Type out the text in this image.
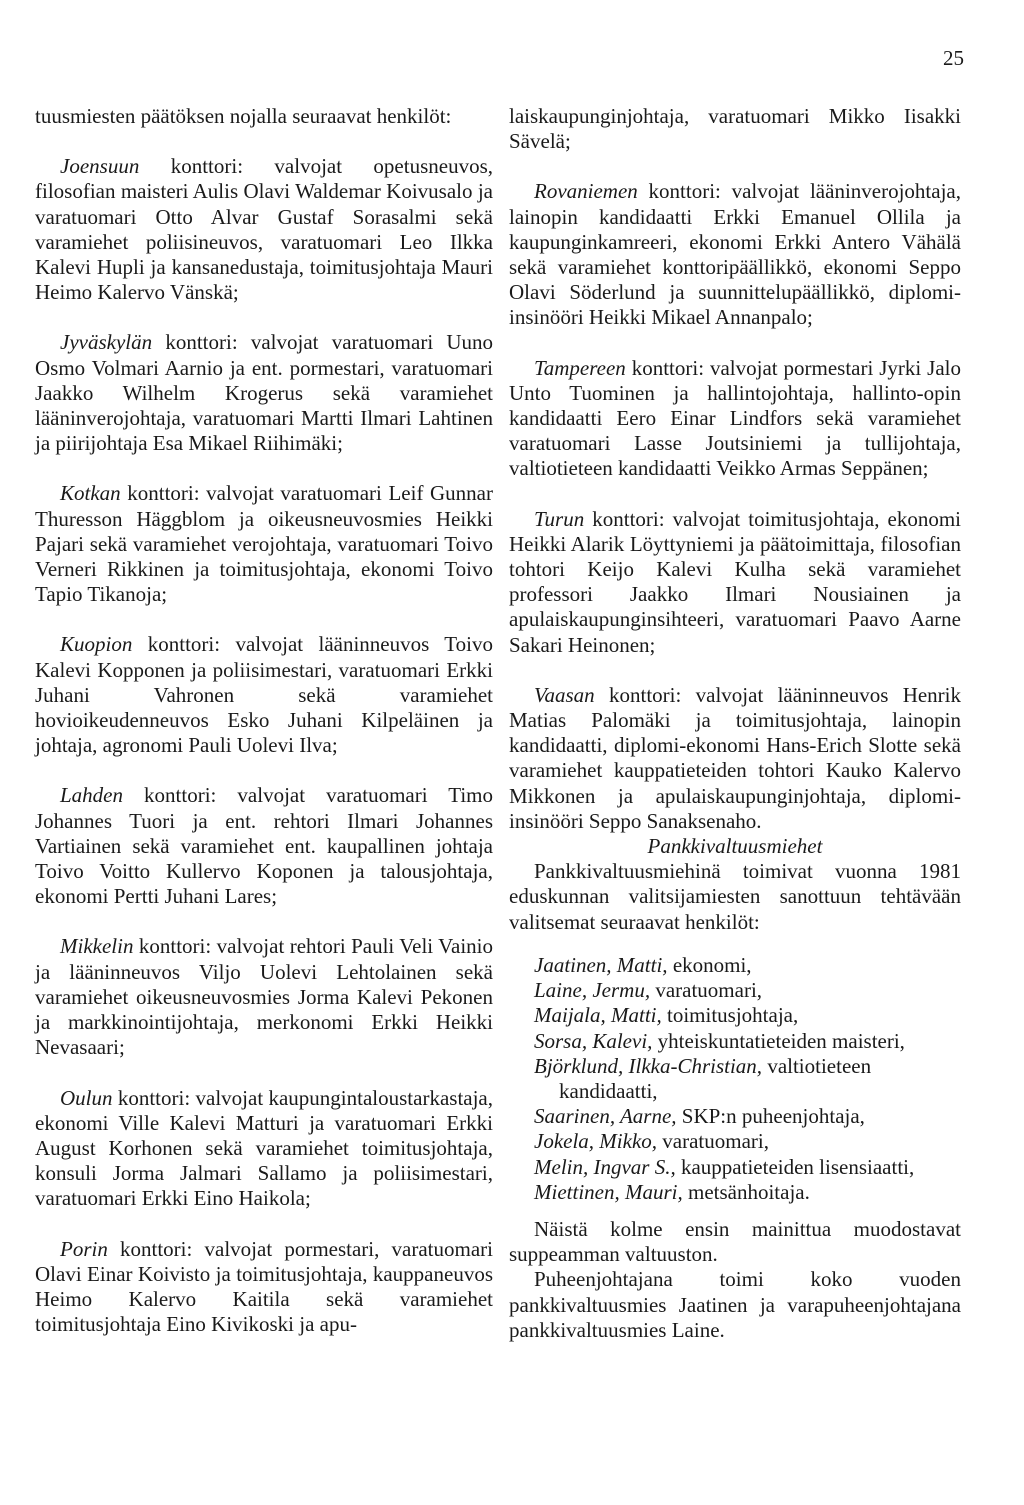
25

tuusmiesten päätöksen nojalla seuraavat henkilöt:

Joensuun konttori: valvojat opetusneuvos, filosofian maisteri Aulis Olavi Waldemar Koivusalo ja varatuomari Otto Alvar Gustaf Sorasalmi sekä varamiehet poliisineuvos, varatuomari Leo Ilkka Kalevi Hupli ja kansanedustaja, toimitusjohtaja Mauri Heimo Kalervo Vänskä;

Jyväskylän konttori: valvojat varatuomari Uuno Osmo Volmari Aarnio ja ent. pormestari, varatuomari Jaakko Wilhelm Krogerus sekä varamiehet lääninverojohtaja, varatuomari Martti Ilmari Lahtinen ja piirijohtaja Esa Mikael Riihimäki;

Kotkan konttori: valvojat varatuomari Leif Gunnar Thuresson Häggblom ja oikeusneuvosmies Heikki Pajari sekä varamiehet verojohtaja, varatuomari Toivo Verneri Rikkinen ja toimitusjohtaja, ekonomi Toivo Tapio Tikanoja;

Kuopion konttori: valvojat lääninneuvos Toivo Kalevi Kopponen ja poliisimestari, varatuomari Erkki Juhani Vahronen sekä varamiehet hovioikeudenneuvos Esko Juhani Kilpeläinen ja johtaja, agronomi Pauli Uolevi Ilva;

Lahden konttori: valvojat varatuomari Timo Johannes Tuori ja ent. rehtori Ilmari Johannes Vartiainen sekä varamiehet ent. kaupallinen johtaja Toivo Voitto Kullervo Koponen ja talousjohtaja, ekonomi Pertti Juhani Lares;

Mikkelin konttori: valvojat rehtori Pauli Veli Vainio ja lääninneuvos Viljo Uolevi Lehtolainen sekä varamiehet oikeusneuvosmies Jorma Kalevi Pekonen ja markkinointijohtaja, merkonomi Erkki Heikki Nevasaari;

Oulun konttori: valvojat kaupungintaloustarkastaja, ekonomi Ville Kalevi Matturi ja varatuomari Erkki August Korhonen sekä varamiehet toimitusjohtaja, konsuli Jorma Jalmari Sallamo ja poliisimestari, varatuomari Erkki Eino Haikola;

Porin konttori: valvojat pormestari, varatuomari Olavi Einar Koivisto ja toimitusjohtaja, kauppaneuvos Heimo Kalervo Kaitila sekä varamiehet toimitusjohtaja Eino Kivikoski ja apu-

laiskaupunginjohtaja, varatuomari Mikko Iisakki Sävelä;

Rovaniemen konttori: valvojat lääninverojohtaja, lainopin kandidaatti Erkki Emanuel Ollila ja kaupunginkamreeri, ekonomi Erkki Antero Vähälä sekä varamiehet konttoripäällikkö, ekonomi Seppo Olavi Söderlund ja suunnittelupäällikkö, diplomi-insinööri Heikki Mikael Annanpalo;

Tampereen konttori: valvojat pormestari Jyrki Jalo Unto Tuominen ja hallintojohtaja, hallinto-opin kandidaatti Eero Einar Lindfors sekä varamiehet varatuomari Lasse Joutsiniemi ja tullijohtaja, valtiotieteen kandidaatti Veikko Armas Seppänen;

Turun konttori: valvojat toimitusjohtaja, ekonomi Heikki Alarik Löyttyniemi ja päätoimittaja, filosofian tohtori Keijo Kalevi Kulha sekä varamiehet professori Jaakko Ilmari Nousiainen ja apulaiskaupunginsihteeri, varatuomari Paavo Aarne Sakari Heinonen;

Vaasan konttori: valvojat lääninneuvos Henrik Matias Palomäki ja toimitusjohtaja, lainopin kandidaatti, diplomi-ekonomi Hans-Erich Slotte sekä varamiehet kauppatieteiden tohtori Kauko Kalervo Mikkonen ja apulaiskaupunginjohtaja, diplomi-insinööri Seppo Sanaksenaho.

Pankkivaltuusmiehet

Pankkivaltuusmiehinä toimivat vuonna 1981 eduskunnan valitsijamiesten sanottuun tehtävään valitsemat seuraavat henkilöt:

Jaatinen, Matti, ekonomi,

Laine, Jermu, varatuomari,

Maijala, Matti, toimitusjohtaja,

Sorsa, Kalevi, yhteiskuntatieteiden maisteri,

Björklund, Ilkka-Christian, valtiotieteen kandidaatti,

Saarinen, Aarne, SKP:n puheenjohtaja,

Jokela, Mikko, varatuomari,

Melin, Ingvar S., kauppatieteiden lisensiaatti,

Miettinen, Mauri, metsänhoitaja.

Näistä kolme ensin mainittua muodostavat suppeamman valtuuston.

Puheenjohtajana toimi koko vuoden pankkivaltuusmies Jaatinen ja varapuheenjohtajana pankkivaltuusmies Laine.
